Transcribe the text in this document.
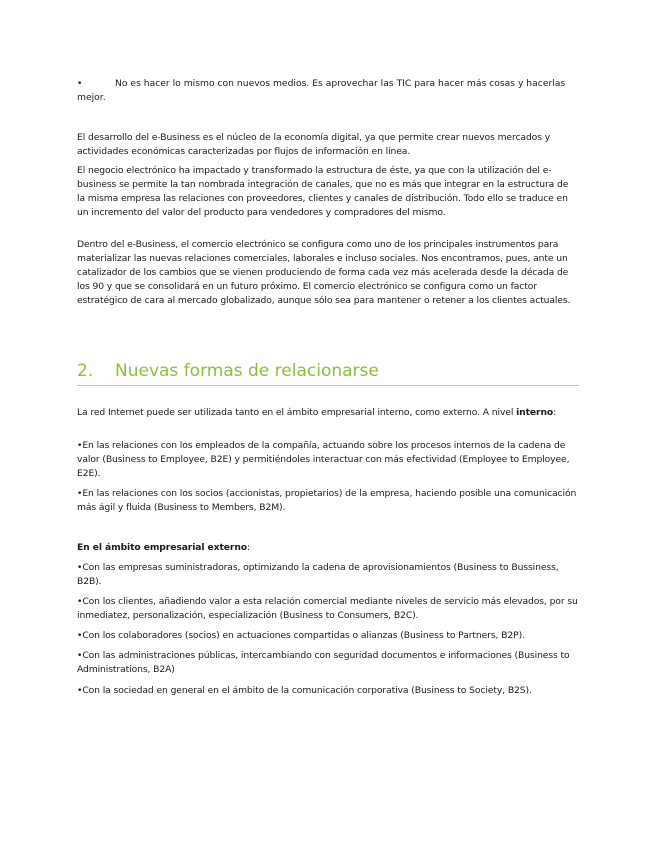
•	No es hacer lo mismo con nuevos medios. Es aprovechar las TIC para hacer más cosas y hacerlas mejor.

El desarrollo del e-Business es el núcleo de la economía digital, ya que permite crear nuevos mercados y actividades económicas caracterizadas por flujos de información en línea.

El negocio electrónico ha impactado y transformado la estructura de éste, ya que con la utilización del e-business se permite la tan nombrada integración de canales, que no es más que integrar en la estructura de la misma empresa las relaciones con proveedores, clientes y canales de distribución. Todo ello se traduce en un incremento del valor del producto para vendedores y compradores del mismo.

Dentro del e-Business, el comercio electrónico se configura como uno de los principales instrumentos para materializar las nuevas relaciones comerciales, laborales e incluso sociales. Nos encontramos, pues, ante un catalizador de los cambios que se vienen produciendo de forma cada vez más acelerada desde la década de los 90 y que se consolidará en un futuro próximo. El comercio electrónico se configura como un factor estratégico de cara al mercado globalizado, aunque sólo sea para mantener o retener a los clientes actuales.

2. Nuevas formas de relacionarse

La red Internet puede ser utilizada tanto en el ámbito empresarial interno, como externo. A nivel interno:

•En las relaciones con los empleados de la compañía, actuando sobre los procesos internos de la cadena de valor (Business to Employee, B2E) y permitiéndoles interactuar con más efectividad (Employee to Employee, E2E).

•En las relaciones con los socios (accionistas, propietarios) de la empresa, haciendo posible una comunicación más ágil y fluida (Business to Members, B2M).

En el ámbito empresarial externo:

•Con las empresas suministradoras, optimizando la cadena de aprovisionamientos (Business to Bussiness, B2B).

•Con los clientes, añadiendo valor a esta relación comercial mediante niveles de servicio más elevados, por su inmediatez, personalización, especialización (Business to Consumers, B2C).

•Con los colaboradores (socios) en actuaciones compartidas o alianzas (Business to Partners, B2P).

•Con las administraciones públicas, intercambiando con seguridad documentos e informaciones (Business to Administrations, B2A)

•Con la sociedad en general en el ámbito de la comunicación corporativa (Business to Society, B2S).
